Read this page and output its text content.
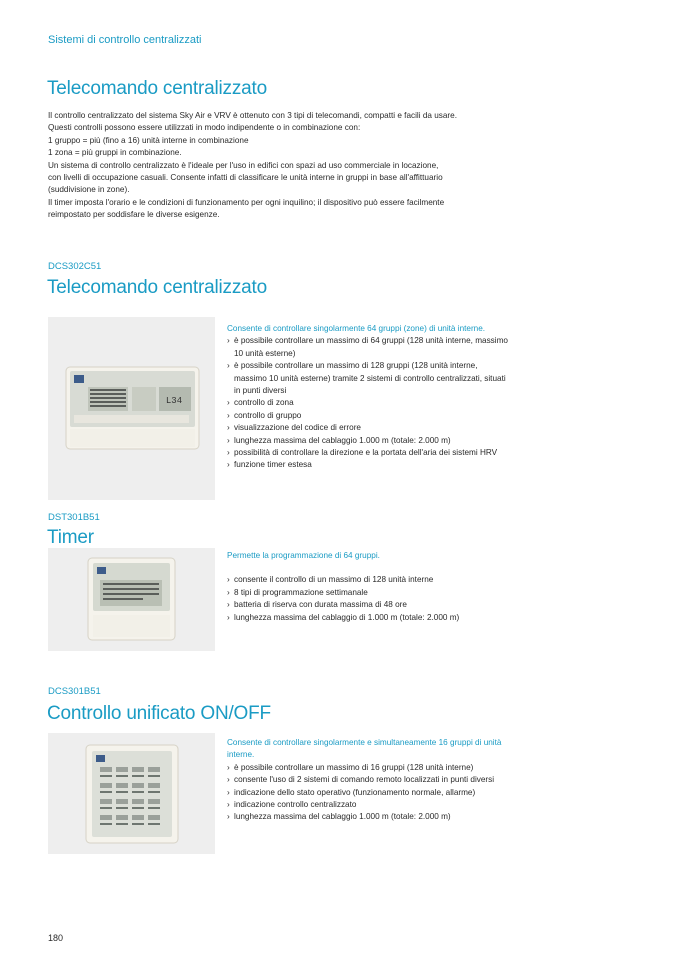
Sistemi di controllo centralizzati
Telecomando centralizzato

Il controllo centralizzato del sistema Sky Air e VRV è ottenuto con 3 tipi di telecomandi, compatti e facili da usare.

Questi controlli possono essere utilizzati in modo indipendente o in combinazione con:

1 gruppo = più (fino a 16) unità interne in combinazione

1 zona = più gruppi in combinazione.

Un sistema di controllo centralizzato è l'ideale per l'uso in edifici con spazi ad uso commerciale in locazione,

con livelli di occupazione casuali. Consente infatti di classificare le unità interne in gruppi in base all'affittuario

(suddivisione in zone).

Il timer imposta l'orario e le condizioni di funzionamento per ogni inquilino; il dispositivo può essere facilmente

reimpostato per soddisfare le diverse esigenze.

DCS302C51
Telecomando centralizzato
L34

Consente di controllare singolarmente 64 gruppi (zone) di unità interne.

› è possibile controllare un massimo di 64 gruppi (128 unità interne, massimo 10 unità esterne)
› è possibile controllare un massimo di 128 gruppi (128 unità interne, massimo 10 unità esterne) tramite 2 sistemi di controllo centralizzati, situati in punti diversi
› controllo di zona
› controllo di gruppo
› visualizzazione del codice di errore
› lunghezza massima del cablaggio 1.000 m (totale: 2.000 m)
› possibilità di controllare la direzione e la portata dell'aria dei sistemi HRV
› funzione timer estesa
DST301B51
Timer

Permette la programmazione di 64 gruppi.

› consente il controllo di un massimo di 128 unità interne
› 8 tipi di programmazione settimanale
› batteria di riserva con durata massima di 48 ore
› lunghezza massima del cablaggio di 1.000 m (totale: 2.000 m)
DCS301B51
Controllo unificato ON/OFF

Consente di controllare singolarmente e simultaneamente 16 gruppi di unità interne.

› è possibile controllare un massimo di 16 gruppi (128 unità interne)
› consente l'uso di 2 sistemi di comando remoto localizzati in punti diversi
› indicazione dello stato operativo (funzionamento normale, allarme)
› indicazione controllo centralizzato
› lunghezza massima del cablaggio 1.000 m (totale: 2.000 m)
180
